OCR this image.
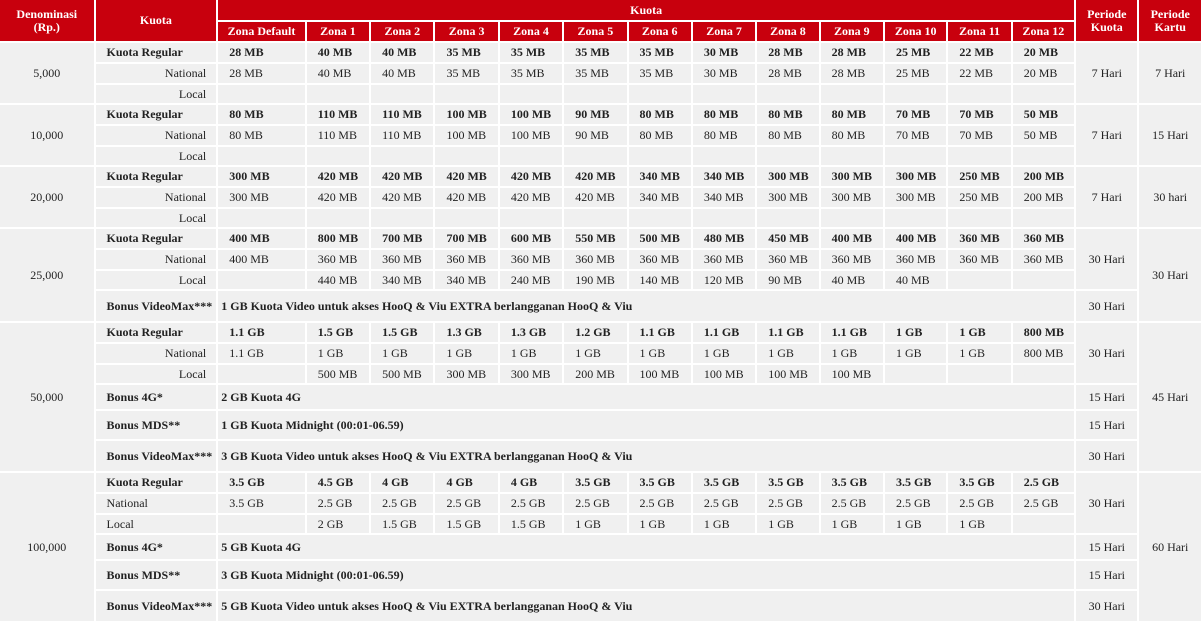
Denominasi (Rp.)	Kuota	Kuota													Periode Kuota	Periode Kartu
		Zona Default	Zona 1	Zona 2	Zona 3	Zona 4	Zona 5	Zona 6	Zona 7	Zona 8	Zona 9	Zona 10	Zona 11	Zona 12		
5,000	Kuota Regular	28 MB	40 MB	40 MB	35 MB	35 MB	35 MB	35 MB	30 MB	28 MB	28 MB	25 MB	22 MB	20 MB	7 Hari	7 Hari
	National	28 MB	40 MB	40 MB	35 MB	35 MB	35 MB	35 MB	30 MB	28 MB	28 MB	25 MB	22 MB	20 MB		
	Local															
10,000	Kuota Regular	80 MB	110 MB	110 MB	100 MB	100 MB	90 MB	80 MB	80 MB	80 MB	80 MB	70 MB	70 MB	50 MB	7 Hari	15 Hari
	National	80 MB	110 MB	110 MB	100 MB	100 MB	90 MB	80 MB	80 MB	80 MB	80 MB	70 MB	70 MB	50 MB		
	Local															
20,000	Kuota Regular	300 MB	420 MB	420 MB	420 MB	420 MB	420 MB	340 MB	340 MB	300 MB	300 MB	300 MB	250 MB	200 MB	7 Hari	30 hari
	National	300 MB	420 MB	420 MB	420 MB	420 MB	420 MB	340 MB	340 MB	300 MB	300 MB	300 MB	250 MB	200 MB		
	Local															
25,000	Kuota Regular	400 MB	800 MB	700 MB	700 MB	600 MB	550 MB	500 MB	480 MB	450 MB	400 MB	400 MB	360 MB	360 MB	30 Hari	30 Hari
	National	400 MB	360 MB	360 MB	360 MB	360 MB	360 MB	360 MB	360 MB	360 MB	360 MB	360 MB	360 MB	360 MB		
	Local		440 MB	340 MB	340 MB	240 MB	190 MB	140 MB	120 MB	90 MB	40 MB	40 MB				
	Bonus VideoMax***	1 GB Kuota Video untuk akses HooQ & Viu EXTRA berlangganan HooQ & Viu													30 Hari	
50,000	Kuota Regular	1.1 GB	1.5 GB	1.5 GB	1.3 GB	1.3 GB	1.2 GB	1.1 GB	1.1 GB	1.1 GB	1.1 GB	1 GB	1 GB	800 MB	30 Hari	45 Hari
	National	1.1 GB	1 GB	1 GB	1 GB	1 GB	1 GB	1 GB	1 GB	1 GB	1 GB	1 GB	1 GB	800 MB		
	Local		500 MB	500 MB	300 MB	300 MB	200 MB	100 MB	100 MB	100 MB	100 MB					
	Bonus 4G*	2 GB Kuota 4G													15 Hari	
	Bonus MDS**	1 GB Kuota Midnight (00:01-06.59)													15 Hari	
	Bonus VideoMax***	3 GB Kuota Video untuk akses HooQ & Viu EXTRA berlangganan HooQ & Viu													30 Hari	
100,000	Kuota Regular	3.5 GB	4.5 GB	4 GB	4 GB	4 GB	3.5 GB	3.5 GB	3.5 GB	3.5 GB	3.5 GB	3.5 GB	3.5 GB	2.5 GB	30 Hari	60 Hari
	National	3.5 GB	2.5 GB	2.5 GB	2.5 GB	2.5 GB	2.5 GB	2.5 GB	2.5 GB	2.5 GB	2.5 GB	2.5 GB	2.5 GB	2.5 GB		
	Local		2 GB	1.5 GB	1.5 GB	1.5 GB	1 GB	1 GB	1 GB	1 GB	1 GB	1 GB	1 GB			
	Bonus 4G*	5 GB Kuota 4G													15 Hari	
	Bonus MDS**	3 GB Kuota Midnight (00:01-06.59)													15 Hari	
	Bonus VideoMax***	5 GB Kuota Video untuk akses HooQ & Viu EXTRA berlangganan HooQ & Viu													30 Hari	
